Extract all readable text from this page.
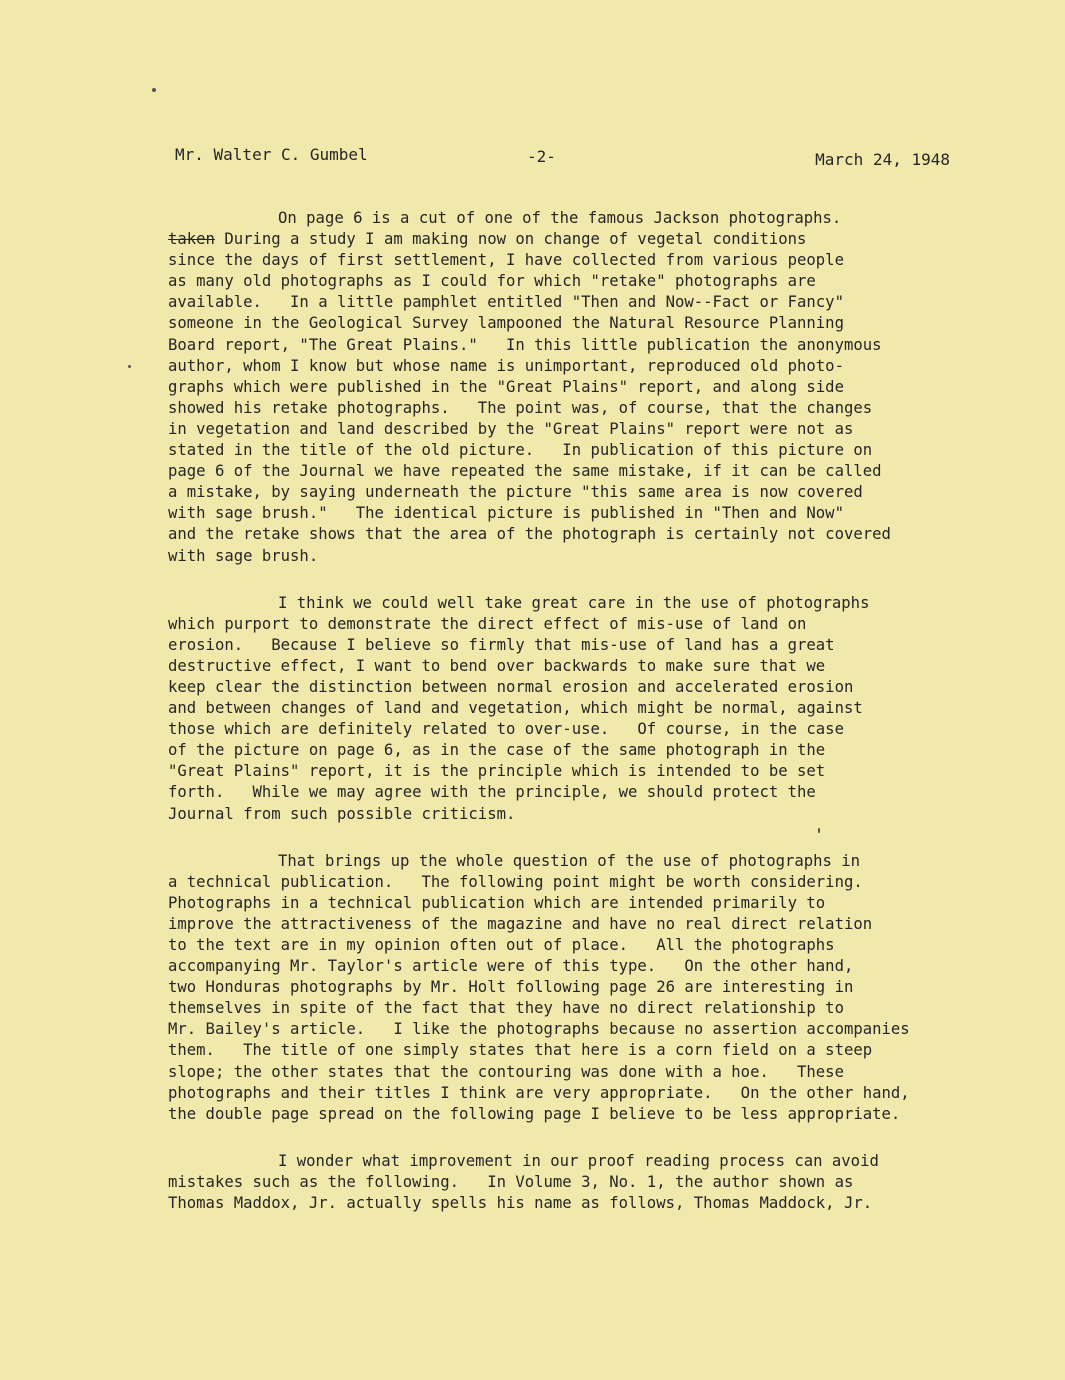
Mr. Walter C. Gumbel	-2-	March 24, 1948
On page 6 is a cut of one of the famous Jackson photographs.
taken During a study I am making now on change of vegetal conditions
since the days of first settlement, I have collected from various people
as many old photographs as I could for which "retake" photographs are
available.   In a little pamphlet entitled "Then and Now--Fact or Fancy"
someone in the Geological Survey lampooned the Natural Resource Planning
Board report, "The Great Plains."   In this little publication the anonymous
author, whom I know but whose name is unimportant, reproduced old photo-
graphs which were published in the "Great Plains" report, and along side
showed his retake photographs.   The point was, of course, that the changes
in vegetation and land described by the "Great Plains" report were not as
stated in the title of the old picture.   In publication of this picture on
page 6 of the Journal we have repeated the same mistake, if it can be called
a mistake, by saying underneath the picture "this same area is now covered
with sage brush."   The identical picture is published in "Then and Now"
and the retake shows that the area of the photograph is certainly not covered
with sage brush.
I think we could well take great care in the use of photographs
which purport to demonstrate the direct effect of mis-use of land on
erosion.   Because I believe so firmly that mis-use of land has a great
destructive effect, I want to bend over backwards to make sure that we
keep clear the distinction between normal erosion and accelerated erosion
and between changes of land and vegetation, which might be normal, against
those which are definitely related to over-use.   Of course, in the case
of the picture on page 6, as in the case of the same photograph in the
"Great Plains" report, it is the principle which is intended to be set
forth.   While we may agree with the principle, we should protect the
Journal from such possible criticism.
That brings up the whole question of the use of photographs in
a technical publication.   The following point might be worth considering.
Photographs in a technical publication which are intended primarily to
improve the attractiveness of the magazine and have no real direct relation
to the text are in my opinion often out of place.   All the photographs
accompanying Mr. Taylor's article were of this type.   On the other hand,
two Honduras photographs by Mr. Holt following page 26 are interesting in
themselves in spite of the fact that they have no direct relationship to
Mr. Bailey's article.   I like the photographs because no assertion accompanies
them.   The title of one simply states that here is a corn field on a steep
slope; the other states that the contouring was done with a hoe.   These
photographs and their titles I think are very appropriate.   On the other hand,
the double page spread on the following page I believe to be less appropriate.
I wonder what improvement in our proof reading process can avoid
mistakes such as the following.   In Volume 3, No. 1, the author shown as
Thomas Maddox, Jr. actually spells his name as follows, Thomas Maddock, Jr.
